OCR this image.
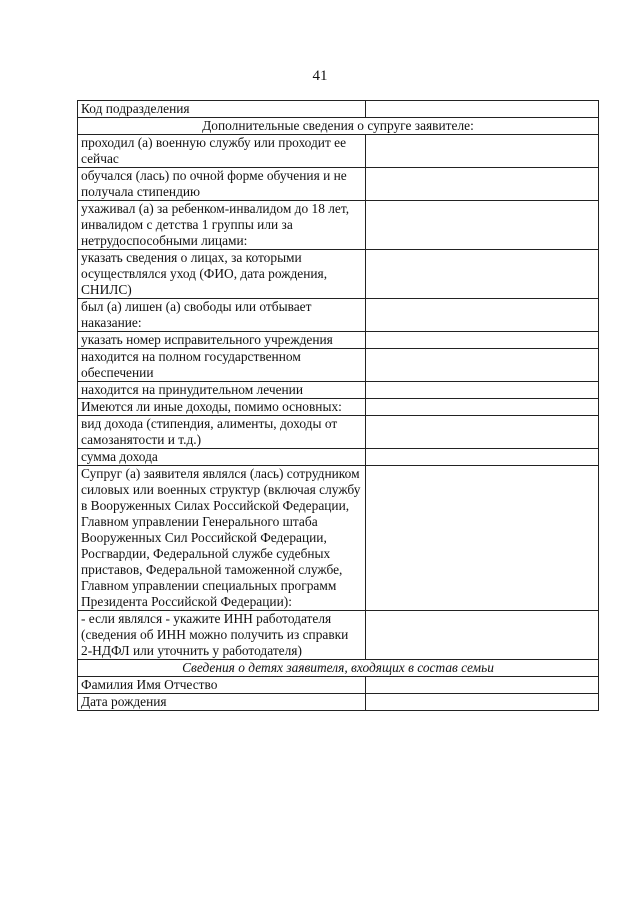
41
Код подразделения	
Дополнительные сведения о супруге заявителе:	
проходил (а) военную службу или проходит ее сейчас	
обучался (лась) по очной форме обучения и не получала стипендию	
ухаживал (а) за ребенком-инвалидом до 18 лет, инвалидом с детства 1 группы или за нетрудоспособными лицами:	
указать сведения о лицах, за которыми осуществлялся уход (ФИО, дата рождения, СНИЛС)	
был (а) лишен (а) свободы или отбывает наказание:	
указать номер исправительного учреждения	
находится на полном государственном обеспечении	
находится на принудительном лечении	
Имеются ли иные доходы, помимо основных:	
вид дохода (стипендия, алименты, доходы от самозанятости и т.д.)	
сумма дохода	
Супруг (а) заявителя являлся (лась) сотрудником силовых или военных структур (включая службу в Вооруженных Силах Российской Федерации, Главном управлении Генерального штаба Вооруженных Сил Российской Федерации, Росгвардии, Федеральной службе судебных приставов, Федеральной таможенной службе, Главном управлении специальных программ Президента Российской Федерации):	
- если являлся - укажите ИНН работодателя (сведения об ИНН можно получить из справки 2-НДФЛ или уточнить у работодателя)	
Сведения о детях заявителя, входящих в состав семьи	
Фамилия Имя Отчество	
Дата рождения	
